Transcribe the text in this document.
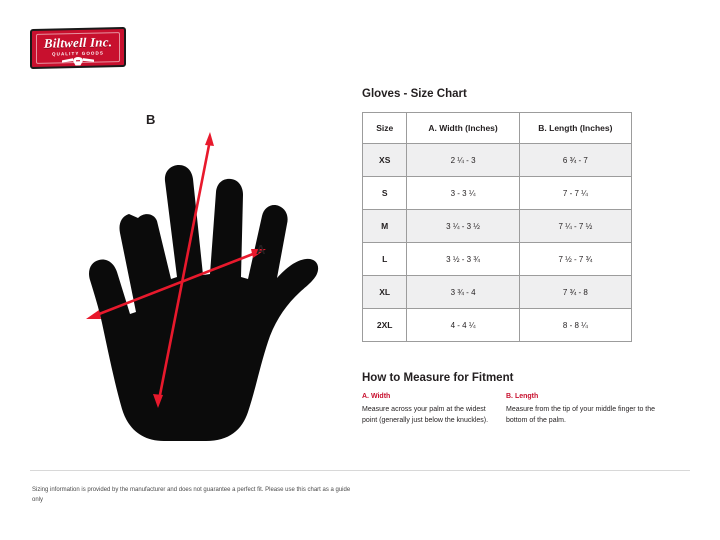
Biltwell Inc.
QUALITY GOODS
B
A
Gloves - Size Chart
Size	A. Width (Inches)	B. Length (Inches)
XS	2 ¼ - 3	6 ¾ - 7
S	3 - 3 ¼	7 - 7 ¼
M	3 ¼ - 3 ½	7 ¼ - 7 ½
L	3 ½ - 3 ¾	7 ½ - 7 ¾
XL	3 ¾ - 4	7 ¾ - 8
2XL	4 - 4 ¼	8 - 8 ¼
How to Measure for Fitment
A. Width
Measure across your palm at the widest point (generally just below the knuckles).
B. Length
Measure from the tip of your middle finger to the bottom of the palm.
Sizing information is provided by the manufacturer and does not guarantee a perfect fit. Please use this chart as a guide only
